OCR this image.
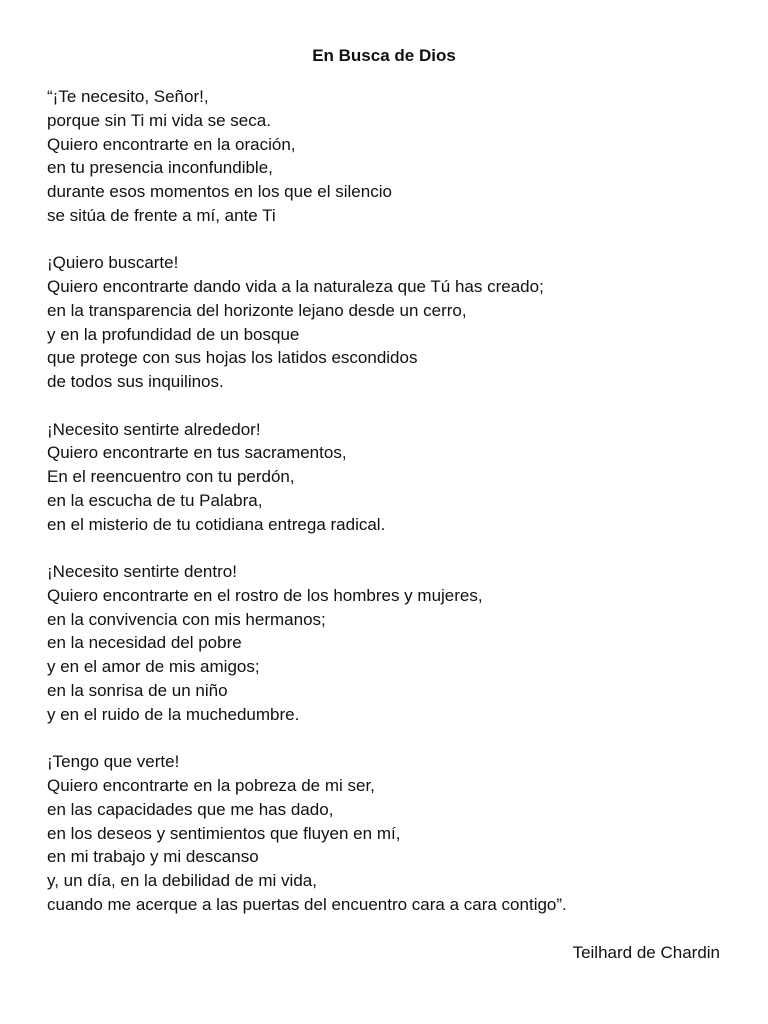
En Busca de Dios
“¡Te necesito, Señor!,
porque sin Ti mi vida se seca.
Quiero encontrarte en la oración,
en tu presencia inconfundible,
durante esos momentos en los que el silencio
se sitúa de frente a mí, ante Ti
¡Quiero buscarte!
Quiero encontrarte dando vida a la naturaleza que Tú has creado;
en la transparencia del horizonte lejano desde un cerro,
y en la profundidad de un bosque
que protege con sus hojas los latidos escondidos
de todos sus inquilinos.
¡Necesito sentirte alrededor!
Quiero encontrarte en tus sacramentos,
En el reencuentro con tu perdón,
en la escucha de tu Palabra,
en el misterio de tu cotidiana entrega radical.
¡Necesito sentirte dentro!
Quiero encontrarte en el rostro de los hombres y mujeres,
en la convivencia con mis hermanos;
en la necesidad del pobre
y en el amor de mis amigos;
en la sonrisa de un niño
y en el ruido de la muchedumbre.
¡Tengo que verte!
Quiero encontrarte en la pobreza de mi ser,
en las capacidades que me has dado,
en los deseos y sentimientos que fluyen en mí,
en mi trabajo y mi descanso
y, un día, en la debilidad de mi vida,
cuando me acerque a las puertas del encuentro cara a cara contigo”.
Teilhard de Chardin
